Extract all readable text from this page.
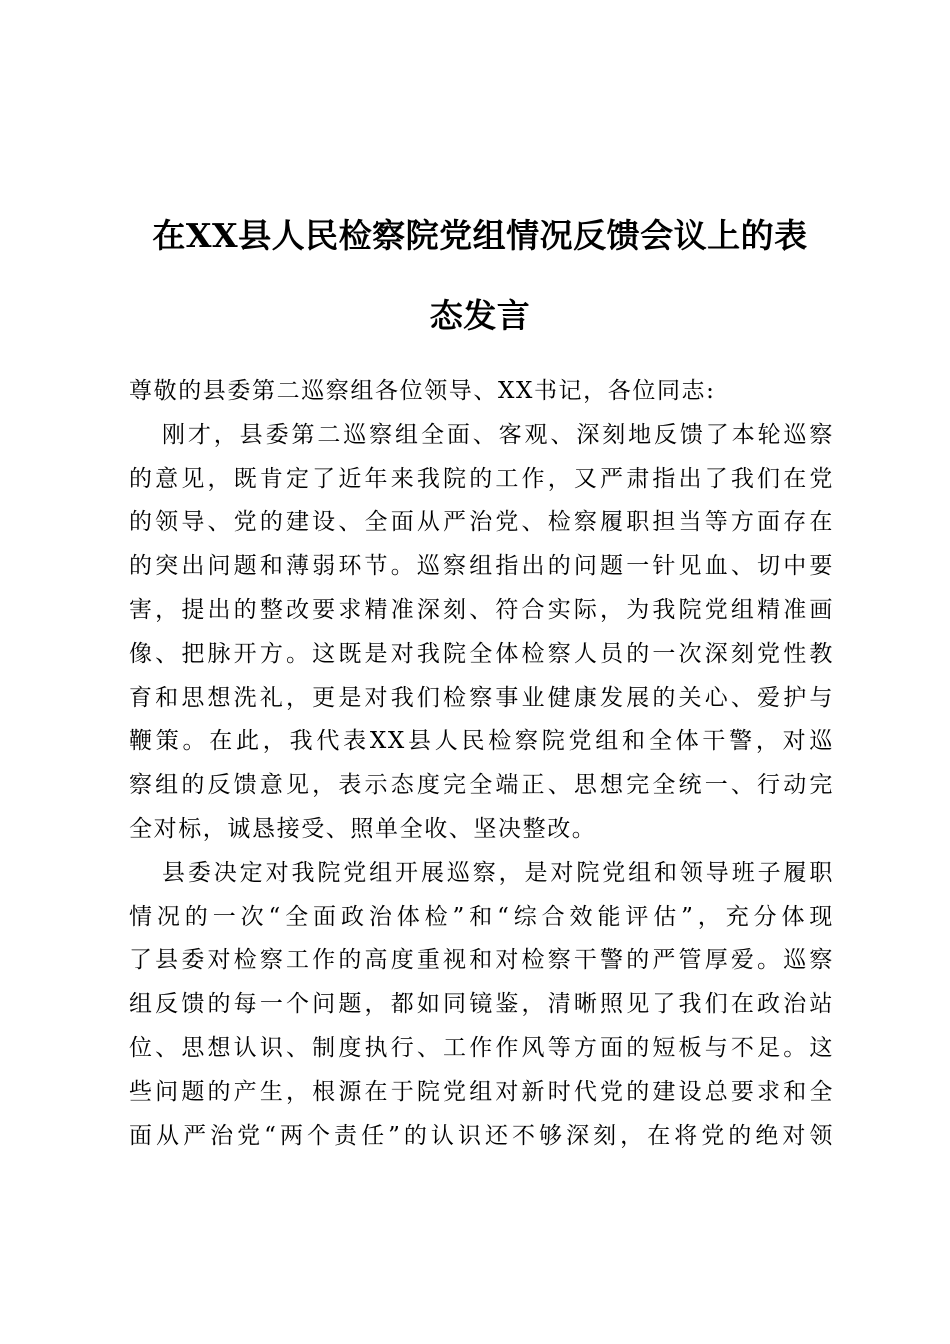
在XX县人民检察院党组情况反馈会议上的表
态发言
尊敬的县委第二巡察组各位领导、XX书记，各位同志:
刚才，县委第二巡察组全面、客观、深刻地反馈了本轮巡察
的意见，既肯定了近年来我院的工作，又严肃指出了我们在党
的领导、党的建设、全面从严治党、检察履职担当等方面存在
的突出问题和薄弱环节。巡察组指出的问题一针见血、切中要
害，提出的整改要求精准深刻、符合实际，为我院党组精准画
像、把脉开方。这既是对我院全体检察人员的一次深刻党性教
育和思想洗礼，更是对我们检察事业健康发展的关心、爱护与
鞭策。在此，我代表XX县人民检察院党组和全体干警，对巡
察组的反馈意见，表示态度完全端正、思想完全统一、行动完
全对标，诚恳接受、照单全收、坚决整改。
县委决定对我院党组开展巡察，是对院党组和领导班子履职
情况的一次“全面政治体检”和“综合效能评估”，充分体现
了县委对检察工作的高度重视和对检察干警的严管厚爱。巡察
组反馈的每一个问题，都如同镜鉴，清晰照见了我们在政治站
位、思想认识、制度执行、工作作风等方面的短板与不足。这
些问题的产生，根源在于院党组对新时代党的建设总要求和全
面从严治党“两个责任”的认识还不够深刻，在将党的绝对领
